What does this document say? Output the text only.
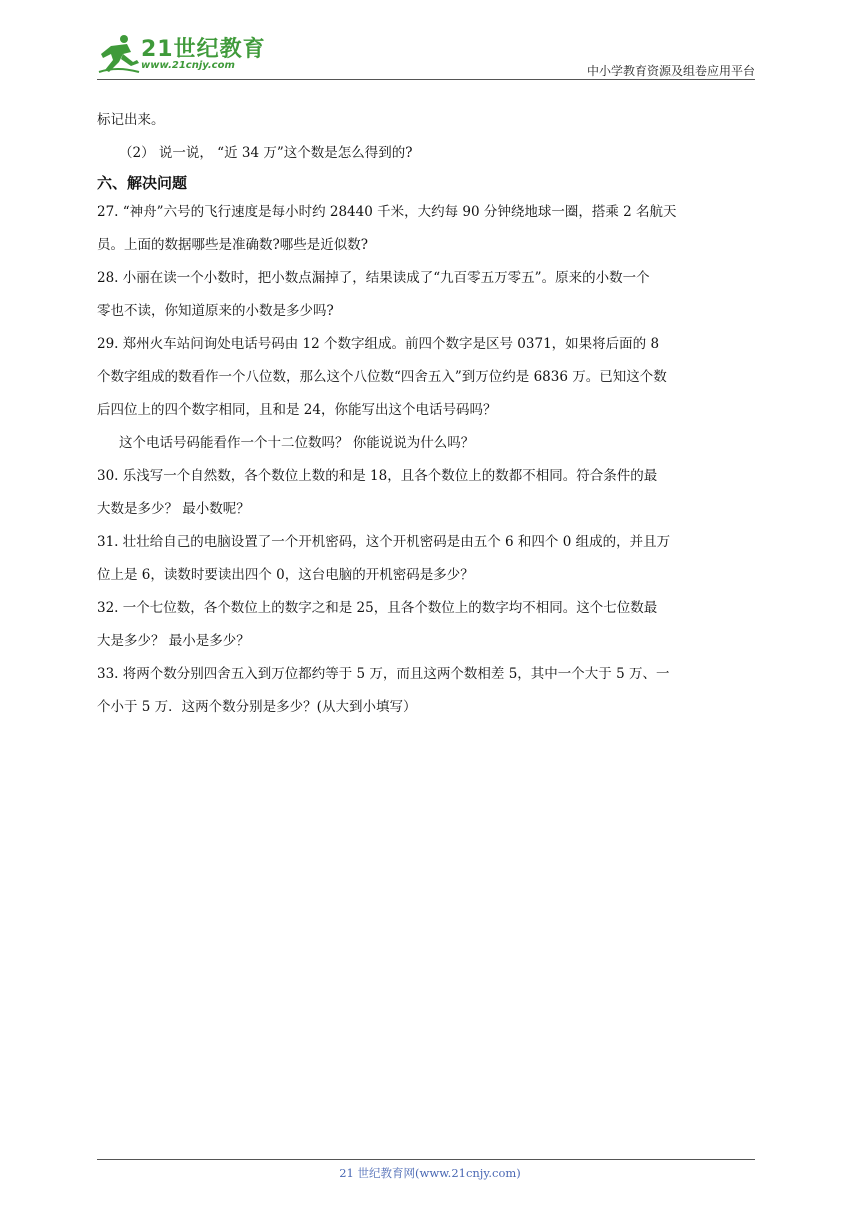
21世纪教育
www.21cnjy.com	中小学教育资源及组卷应用平台
标记出来。
（2） 说一说， “近 34 万”这个数是怎么得到的?
六、解决问题
27. “神舟”六号的飞行速度是每小时约 28440 千米，大约每 90 分钟绕地球一圈，搭乘 2 名航天
员。上面的数据哪些是准确数?哪些是近似数?
28. 小丽在读一个小数时，把小数点漏掉了，结果读成了“九百零五万零五”。原来的小数一个
零也不读，你知道原来的小数是多少吗?
29. 郑州火车站问询处电话号码由 12 个数字组成。前四个数字是区号 0371，如果将后面的 8
个数字组成的数看作一个八位数，那么这个八位数“四舍五入”到万位约是 6836 万。已知这个数
后四位上的四个数字相同，且和是 24，你能写出这个电话号码吗？
这个电话号码能看作一个十二位数吗？ 你能说说为什么吗？
30. 乐浅写一个自然数，各个数位上数的和是 18，且各个数位上的数都不相同。符合条件的最
大数是多少？ 最小数呢？
31. 壮壮给自己的电脑设置了一个开机密码，这个开机密码是由五个 6 和四个 0 组成的，并且万
位上是 6，读数时要读出四个 0，这台电脑的开机密码是多少？
32. 一个七位数，各个数位上的数字之和是 25，且各个数位上的数字均不相同。这个七位数最
大是多少？ 最小是多少？
33. 将两个数分别四舍五入到万位都约等于 5 万，而且这两个数相差 5，其中一个大于 5 万、一
个小于 5 万．这两个数分别是多少？(从大到小填写）
21 世纪教育网(www.21cnjy.com)
